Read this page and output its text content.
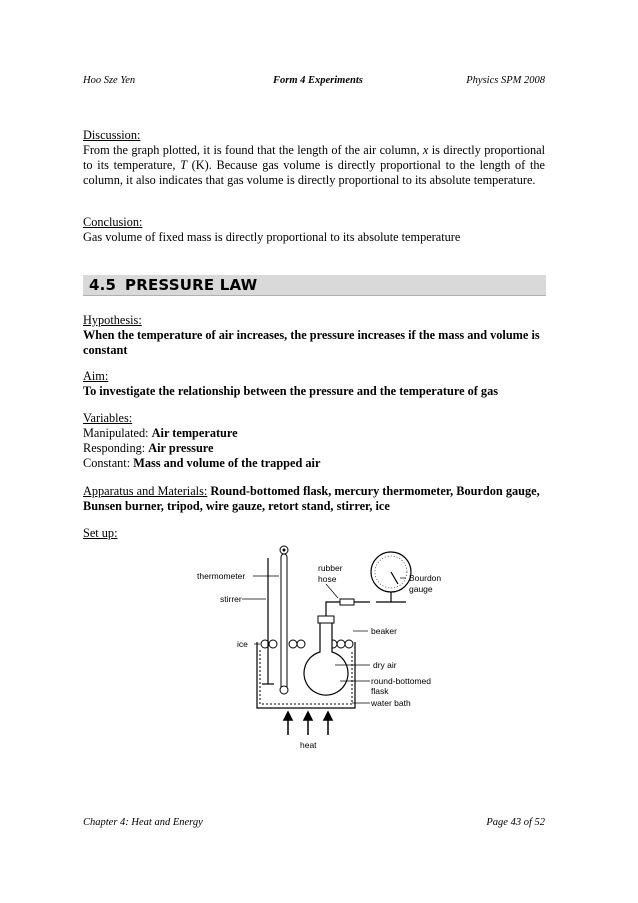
Hoo Sze Yen	Form 4 Experiments	Physics SPM 2008

Discussion:

From the graph plotted, it is found that the length of the air column, x is directly proportional to its temperature, T (K). Because gas volume is directly proportional to the length of the column, it also indicates that gas volume is directly proportional to its absolute temperature.

Conclusion:

Gas volume of fixed mass is directly proportional to its absolute temperature

4.5 PRESSURE LAW

Hypothesis:

When the temperature of air increases, the pressure increases if the mass and volume is constant

Aim:

To investigate the relationship between the pressure and the temperature of gas

Variables:

Manipulated: Air temperature

Responding: Air pressure

Constant: Mass and volume of the trapped air

Apparatus and Materials: Round-bottomed flask, mercury thermometer, Bourdon gauge, Bunsen burner, tripod, wire gauze, retort stand, stirrer, ice

Set up:

thermometer
stirrer
ice
rubber
hose	Bourdon
gauge
beaker
dry air
round-bottomed
flask
water bath
heat
Chapter 4: Heat and Energy	Page 43 of 52
